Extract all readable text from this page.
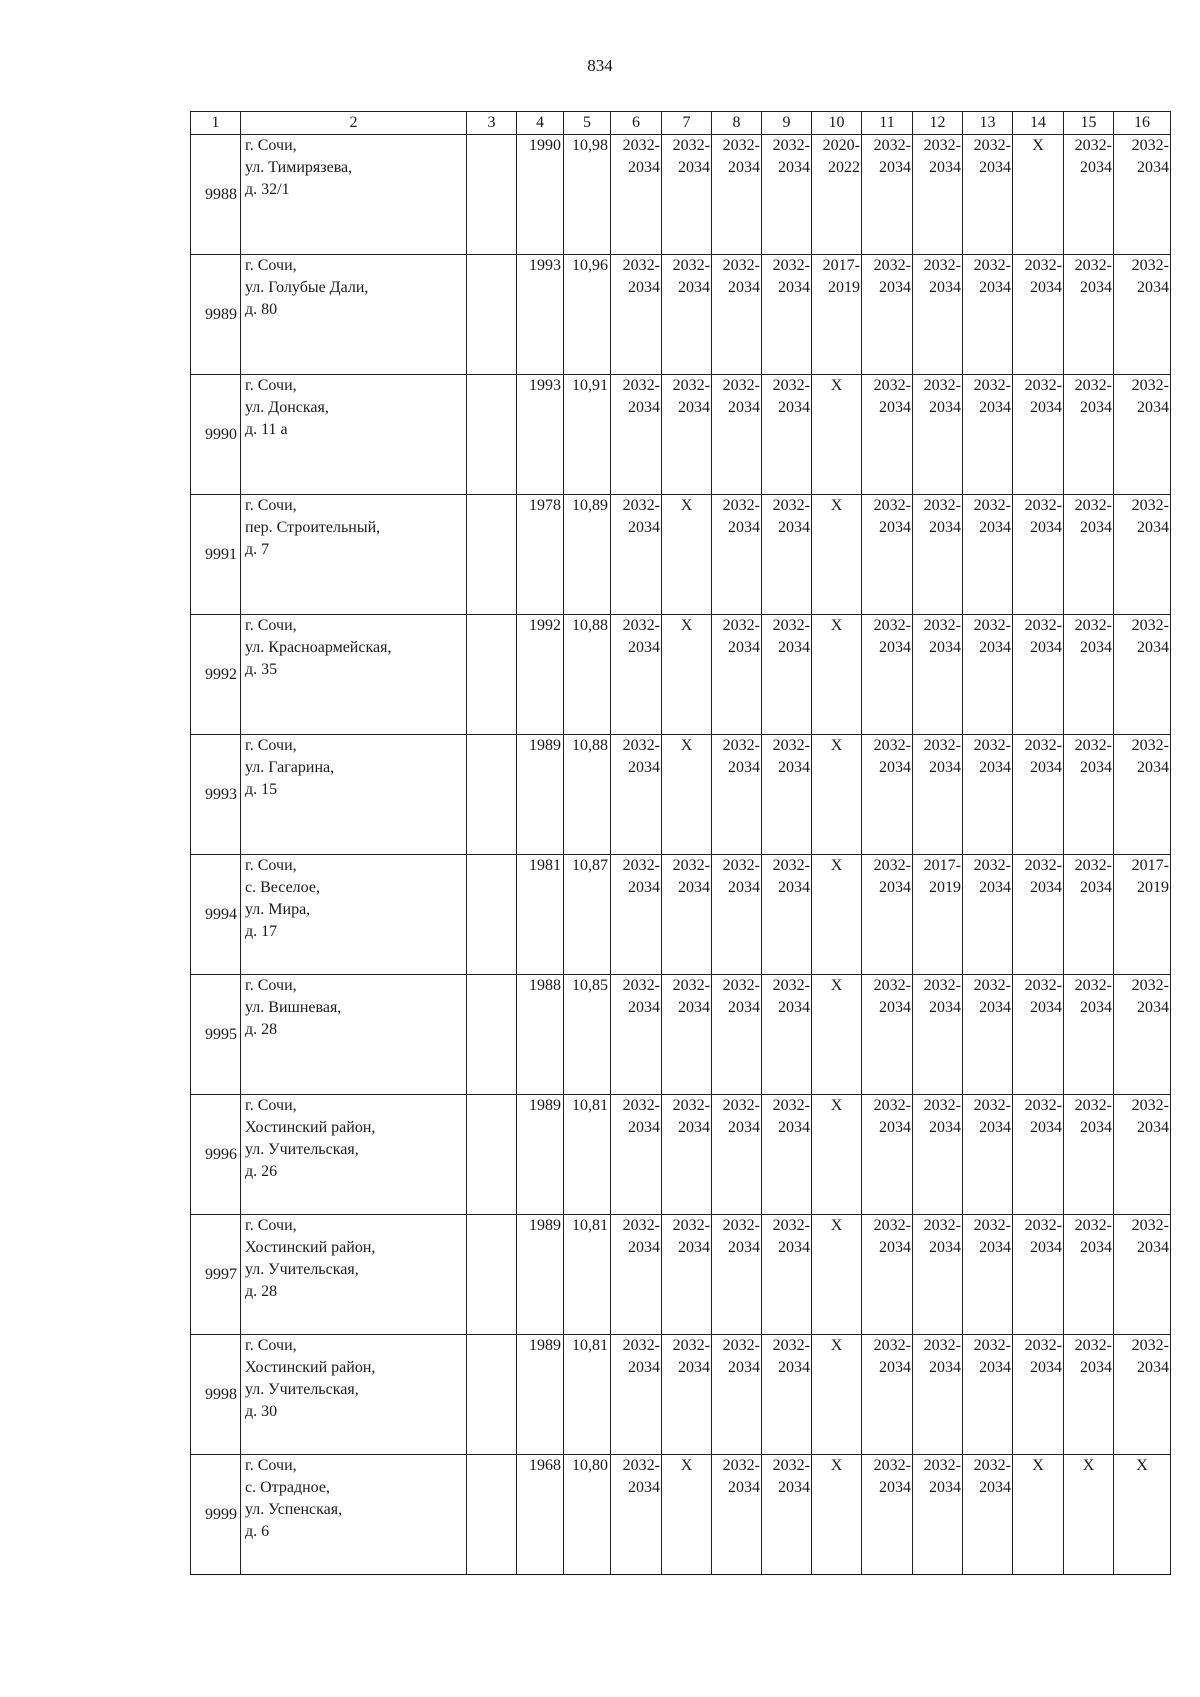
834
1	2	3	4	5	6	7	8	9	10	11	12	13	14	15	16
9988	г. Сочи,
ул. Тимирязева,
д. 32/1		1990	10,98	2032-
2034	2032-
2034	2032-
2034	2032-
2034	2020-
2022	2032-
2034	2032-
2034	2032-
2034	X	2032-
2034	2032-
2034

9989	г. Сочи,
ул. Голубые Дали,
д. 80		1993	10,96	2032-
2034	2032-
2034	2032-
2034	2032-
2034	2017-
2019	2032-
2034	2032-
2034	2032-
2034	2032-
2034	2032-
2034	2032-
2034

9990	г. Сочи,
ул. Донская,
д. 11 а		1993	10,91	2032-
2034	2032-
2034	2032-
2034	2032-
2034	X	2032-
2034	2032-
2034	2032-
2034	2032-
2034	2032-
2034	2032-
2034

9991	г. Сочи,
пер. Строительный,
д. 7		1978	10,89	2032-
2034	X	2032-
2034	2032-
2034	X	2032-
2034	2032-
2034	2032-
2034	2032-
2034	2032-
2034	2032-
2034

9992	г. Сочи,
ул. Красноармейская,
д. 35		1992	10,88	2032-
2034	X	2032-
2034	2032-
2034	X	2032-
2034	2032-
2034	2032-
2034	2032-
2034	2032-
2034	2032-
2034

9993	г. Сочи,
ул. Гагарина,
д. 15		1989	10,88	2032-
2034	X	2032-
2034	2032-
2034	X	2032-
2034	2032-
2034	2032-
2034	2032-
2034	2032-
2034	2032-
2034

9994	г. Сочи,
с. Веселое,
ул. Мира,
д. 17		1981	10,87	2032-
2034	2032-
2034	2032-
2034	2032-
2034	X	2032-
2034	2017-
2019	2032-
2034	2032-
2034	2032-
2034	2017-
2019

9995	г. Сочи,
ул. Вишневая,
д. 28		1988	10,85	2032-
2034	2032-
2034	2032-
2034	2032-
2034	X	2032-
2034	2032-
2034	2032-
2034	2032-
2034	2032-
2034	2032-
2034

9996	г. Сочи,
Хостинский район,
ул. Учительская,
д. 26		1989	10,81	2032-
2034	2032-
2034	2032-
2034	2032-
2034	X	2032-
2034	2032-
2034	2032-
2034	2032-
2034	2032-
2034	2032-
2034

9997	г. Сочи,
Хостинский район,
ул. Учительская,
д. 28		1989	10,81	2032-
2034	2032-
2034	2032-
2034	2032-
2034	X	2032-
2034	2032-
2034	2032-
2034	2032-
2034	2032-
2034	2032-
2034

9998	г. Сочи,
Хостинский район,
ул. Учительская,
д. 30		1989	10,81	2032-
2034	2032-
2034	2032-
2034	2032-
2034	X	2032-
2034	2032-
2034	2032-
2034	2032-
2034	2032-
2034	2032-
2034

9999	г. Сочи,
с. Отрадное,
ул. Успенская,
д. 6		1968	10,80	2032-
2034	X	2032-
2034	2032-
2034	X	2032-
2034	2032-
2034	2032-
2034	X	X	X
